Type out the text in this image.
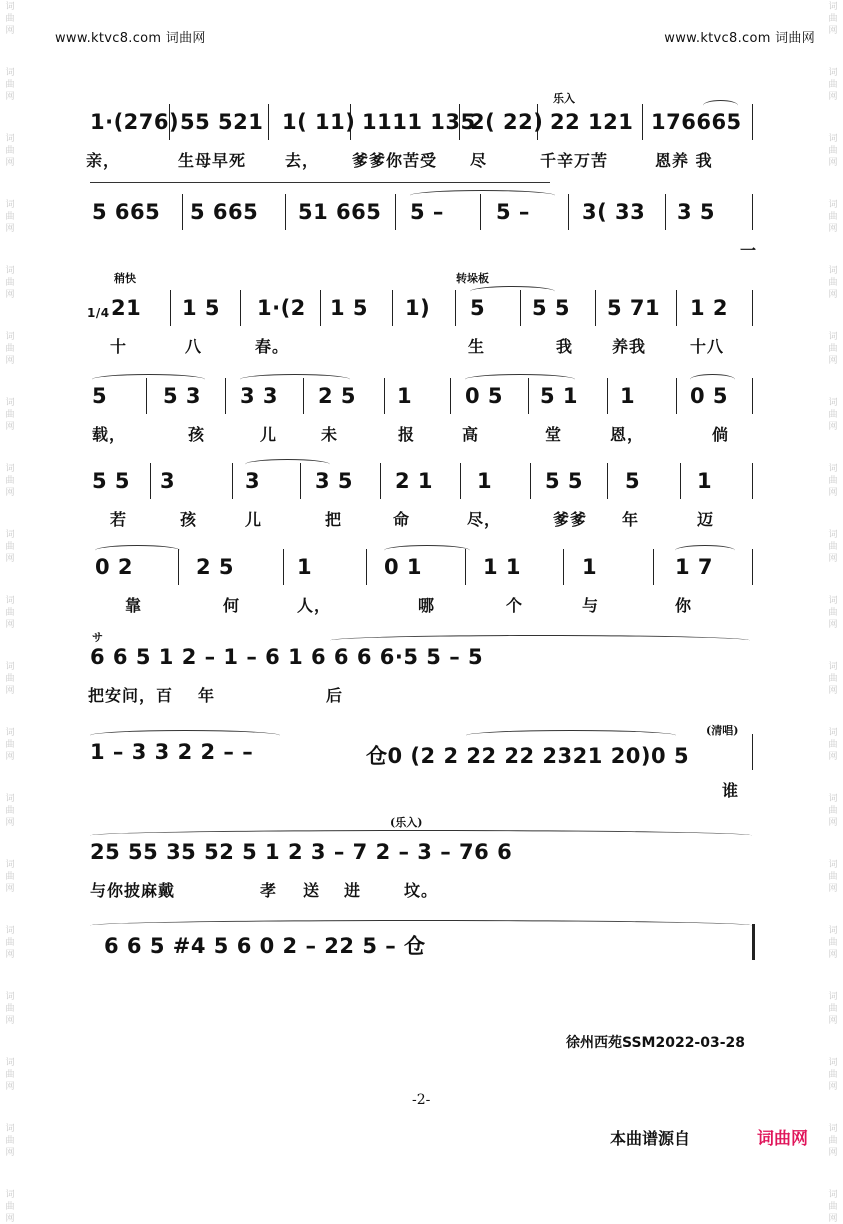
词
曲
网
词
曲
网
词
曲
网
词
曲
网
词
曲
网
词
曲
网
词
曲
网
词
曲
网
词
曲
网
词
曲
网
词
曲
网
词
曲
网
词
曲
网
词
曲
网
词
曲
网
词
曲
网
词
曲
网
词
曲
网
词
曲
网
词
曲
网
词
曲
网
词
曲
网
词
曲
网
词
曲
网
词
曲
网
词
曲
网
词
曲
网
词
曲
网
词
曲
网
词
曲
网
词
曲
网
词
曲
网
词
曲
网
词
曲
网
词
曲
网
词
曲
网
词
曲
网
词
曲
网
www.ktvc8.com 词曲网	www.ktvc8.com 词曲网
1·(276) 55 521 1( 11) 1111 135
2( 22) 22 121 176665
亲，	生母早死 去， 爹爹你苦受 尽	千辛万苦	恩养 我
乐入
5 665 5 665 51 665 5 – 5 – 3( 33 3 5
一
1/4 21 1 5 1·(2 1 5 1) 5 5 5 5 71 1 2
十	八	春。	生	我 养我	十八
稍快	转垛板
5	5 3 3 3 2 5 1	0 5 5 1 1	0 5
载，	孩	儿	未	报	高	堂	恩，	倘
5 5 3	3	3 5 2 1 1	5 5 5	1
若	孩	儿	把	命	尽，	爹爹 年	迈
0 2	2 5	1	0 1	1 1	1	1 7
靠	何	人，	哪	个	与	你
6 6 5 1 2 – 1 – 6 1 6 6 6 6·5 5 – 5
把安问，百 年	后
サ
1 – 3 3 2 2 – –	仓0 (2 2 22 22 2321 20)0 5
谁
(清唱)
25 55 35 52 5 1 2 3 – 7 2 – 3 – 76 6
与你披麻戴	孝 送 进	坟。
(乐入)
6 6 5 #4 5 6 0 2 – 22 5 – 仓
徐州西苑SSM2022-03-28
-2-
本曲谱源自	词曲网
